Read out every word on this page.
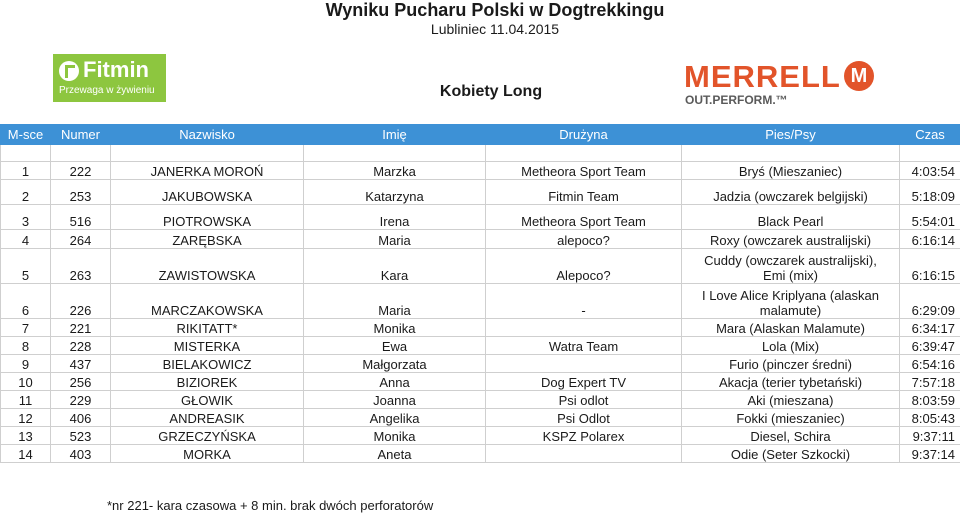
Wyniku Pucharu Polski w Dogtrekkingu
Lubliniec 11.04.2015
Fitmin
Przewaga w żywieniu	Kobiety Long	MERRELL M
OUT.PERFORM.™
M-sce	Numer	Nazwisko	Imię	Drużyna	Pies/Psy	Czas

1	222	JANERKA MOROŃ	Marzka	Metheora Sport Team	Bryś (Mieszaniec)	4:03:54
2	253	JAKUBOWSKA	Katarzyna	Fitmin Team	Jadzia (owczarek belgijski)	5:18:09
3	516	PIOTROWSKA	Irena	Metheora Sport Team	Black Pearl	5:54:01
4	264	ZARĘBSKA	Maria	alepoco?	Roxy (owczarek australijski)	6:16:14
5	263	ZAWISTOWSKA	Kara	Alepoco?	Cuddy (owczarek australijski),
Emi (mix)	6:16:15
6	226	MARCZAKOWSKA	Maria	-	I Love Alice Kriplyana (alaskan
malamute)	6:29:09
7	221	RIKITATT*	Monika		Mara (Alaskan Malamute)	6:34:17
8	228	MISTERKA	Ewa	Watra Team	Lola (Mix)	6:39:47
9	437	BIELAKOWICZ	Małgorzata		Furio (pinczer średni)	6:54:16
10	256	BIZIOREK	Anna	Dog Expert TV	Akacja (terier tybetański)	7:57:18
11	229	GŁOWIK	Joanna	Psi odlot	Aki (mieszana)	8:03:59
12	406	ANDREASIK	Angelika	Psi Odlot	Fokki (mieszaniec)	8:05:43
13	523	GRZECZYŃSKA	Monika	KSPZ Polarex	Diesel, Schira	9:37:11
14	403	MORKA	Aneta		Odie (Seter Szkocki)	9:37:14
*nr 221- kara czasowa + 8 min. brak dwóch perforatorów
